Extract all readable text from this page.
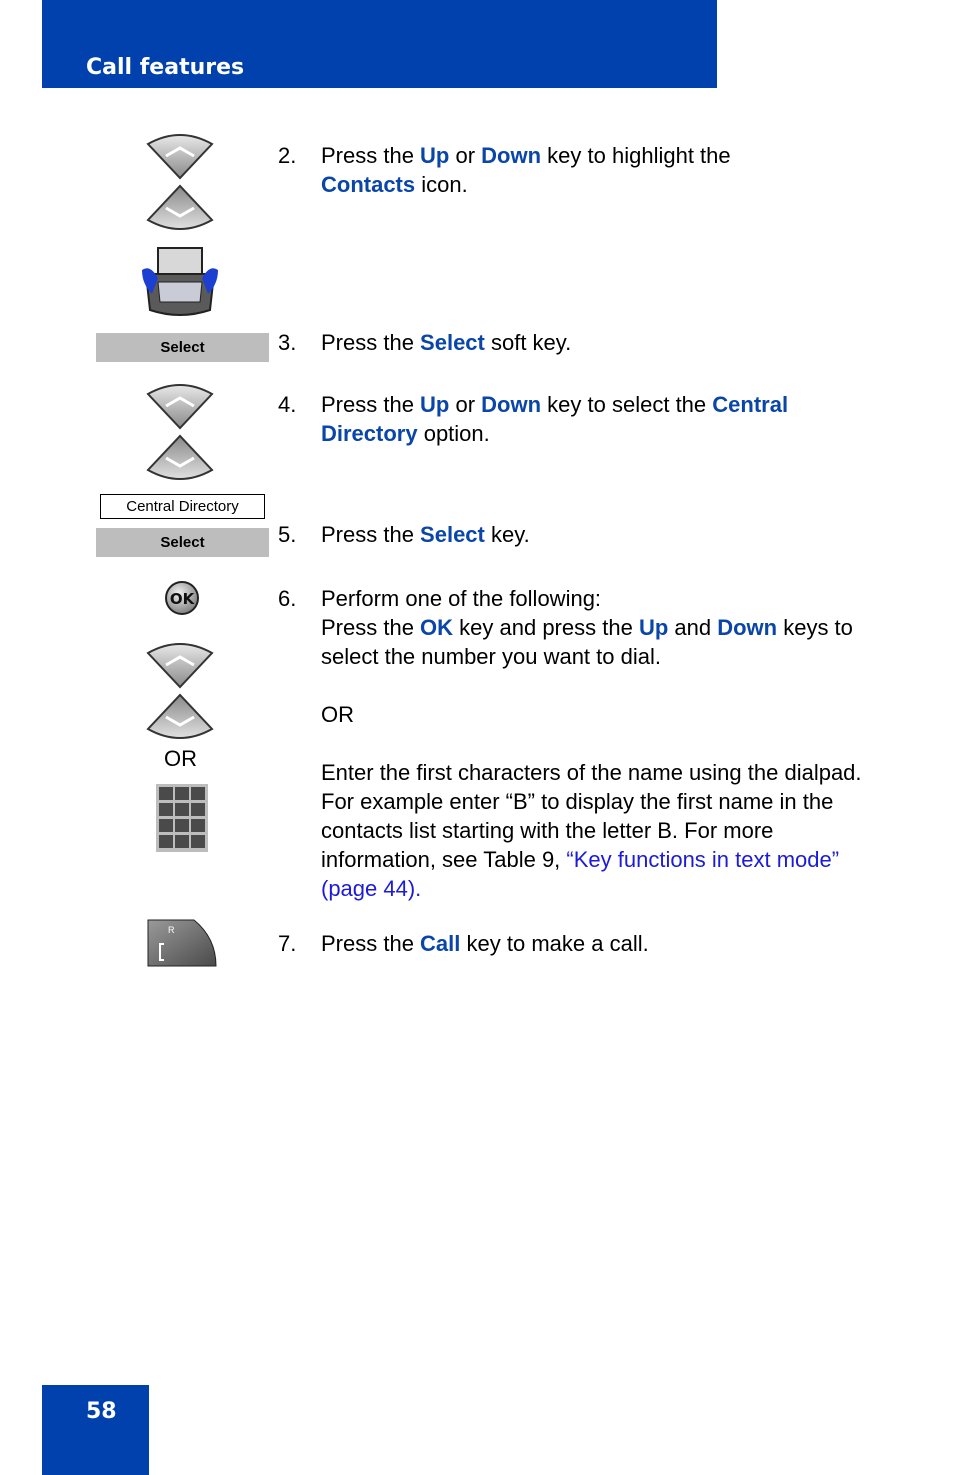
Call features
Select
Central Directory
Select
OK
OR
R
2. Press the Up or Down key to highlight the
Contacts icon.
3. Press the Select soft key.
4. Press the Up or Down key to select the Central Directory option.
5. Press the Select key.
6. Perform one of the following:
Press the OK key and press the Up and Down keys to select the number you want to dial.
OR
Enter the first characters of the name using the dialpad. For example enter “B” to display the first name in the contacts list starting with the letter B. For more information, see Table 9, “Key functions in text mode” (page 44).
7. Press the Call key to make a call.
58
